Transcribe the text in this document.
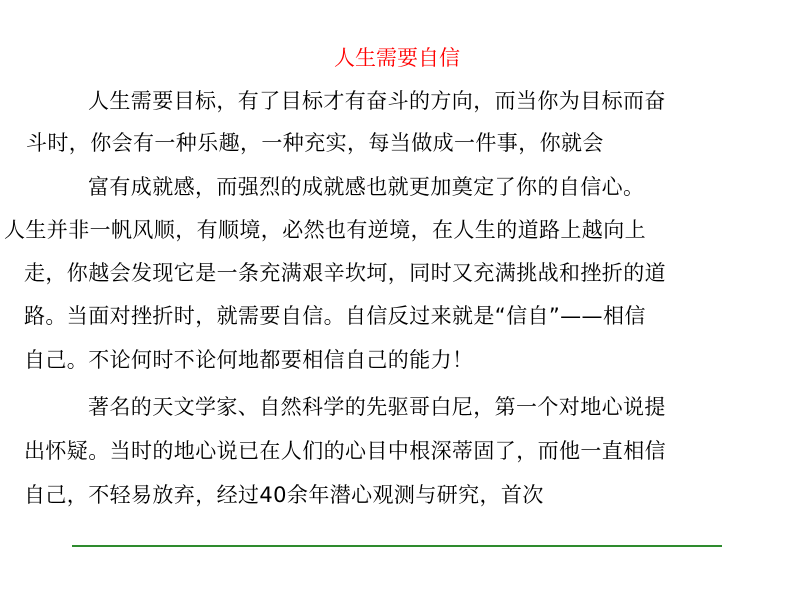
人生需要自信
人生需要目标，有了目标才有奋斗的方向，而当你为目标而奋
斗时，你会有一种乐趣，一种充实，每当做成一件事，你就会
富有成就感，而强烈的成就感也就更加奠定了你的自信心。
人生并非一帆风顺，有顺境，必然也有逆境，在人生的道路上越向上
走，你越会发现它是一条充满艰辛坎坷，同时又充满挑战和挫折的道
路。当面对挫折时，就需要自信。自信反过来就是“信自”——相信
自己。不论何时不论何地都要相信自己的能力！
著名的天文学家、自然科学的先驱哥白尼，第一个对地心说提
出怀疑。当时的地心说已在人们的心目中根深蒂固了，而他一直相信
自己，不轻易放弃，经过40余年潜心观测与研究，首次
